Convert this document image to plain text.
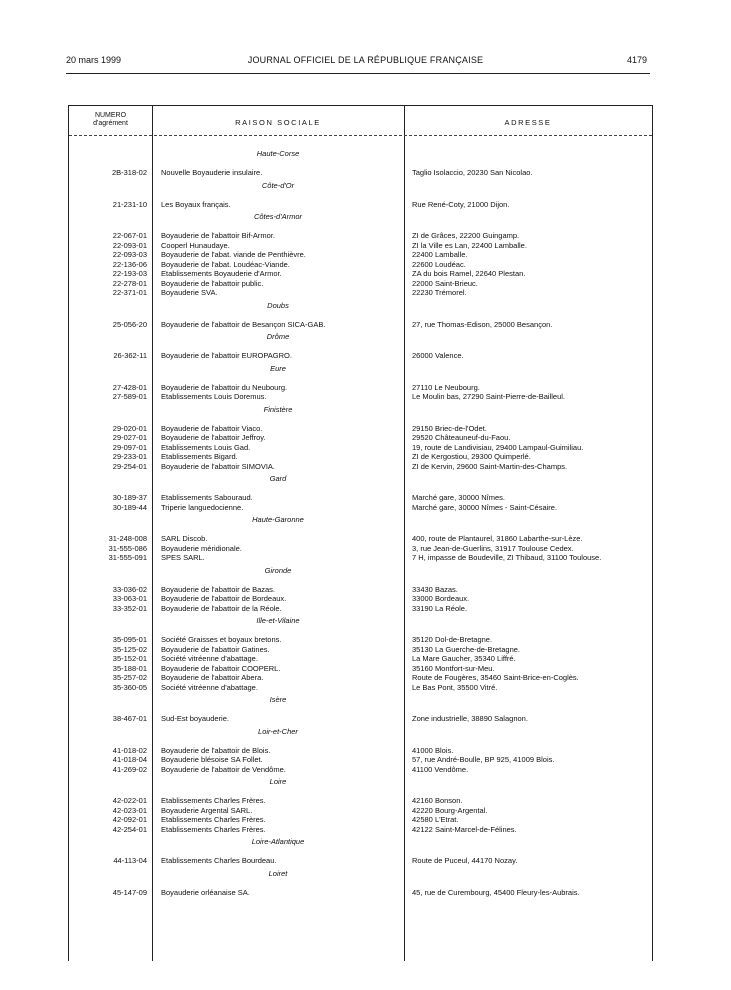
20 mars 1999	JOURNAL OFFICIEL DE LA RÉPUBLIQUE FRANÇAISE	4179
NUMERO
d'agrément	RAISON SOCIALE	ADRESSE
Haute-Corse
2B-318-02 Nouvelle Boyauderie insulaire.	Taglio Isolaccio, 20230 San Nicolao.
Côte-d'Or
21-231-10 Les Boyaux français.	Rue René-Coty, 21000 Dijon.
Côtes-d'Armor
22-067-01 Boyauderie de l'abattoir Bif-Armor.	ZI de Grâces, 22200 Guingamp.
22-093-01 Cooperl Hunaudaye.	ZI la Ville es Lan, 22400 Lamballe.
22-093-03 Boyauderie de l'abat. viande de Penthièvre.	22400 Lamballe.
22-136-06 Boyauderie de l'abat. Loudéac-Viande.	22600 Loudéac.
22-193-03 Etablissements Boyauderie d'Armor.	ZA du bois Ramel, 22640 Plestan.
22-278-01 Boyauderie de l'abattoir public.	22000 Saint-Brieuc.
22-371-01 Boyauderie SVA.	22230 Trémorel.
Doubs
25-056-20 Boyauderie de l'abattoir de Besançon SICA-GAB.	27, rue Thomas-Edison, 25000 Besançon.
Drôme
26-362-11 Boyauderie de l'abattoir EUROPAGRO.	26000 Valence.
Eure
27-428-01 Boyauderie de l'abattoir du Neubourg.	27110 Le Neubourg.
27-589-01 Etablissements Louis Doremus.	Le Moulin bas, 27290 Saint-Pierre-de-Bailleul.
Finistère
29-020-01 Boyauderie de l'abattoir Viaco.	29150 Briec-de-l'Odet.
29-027-01 Boyauderie de l'abattoir Jeffroy.	29520 Châteauneuf-du-Faou.
29-097-01 Etablissements Louis Gad.	19, route de Landivisiau, 29400 Lampaul-Guimiliau.
29-233-01 Etablissements Bigard.	ZI de Kergostiou, 29300 Quimperlé.
29-254-01 Boyauderie de l'abattoir SIMOVIA.	ZI de Kervin, 29600 Saint-Martin-des-Champs.
Gard
30-189-37 Etablissements Sabouraud.	Marché gare, 30000 Nîmes.
30-189-44 Triperie languedocienne.	Marché gare, 30000 Nîmes - Saint-Césaire.
Haute-Garonne
31-248-008 SARL Discob.	400, route de Plantaurel, 31860 Labarthe-sur-Lèze.
31-555-086 Boyauderie méridionale.	3, rue Jean-de-Guerlins, 31917 Toulouse Cedex.
31-555-091 SPES SARL.	7 H, impasse de Boudeville, ZI Thibaud, 31100 Toulouse.
Gironde
33-036-02 Boyauderie de l'abattoir de Bazas.	33430 Bazas.
33-063-01 Boyauderie de l'abattoir de Bordeaux.	33000 Bordeaux.
33-352-01 Boyauderie de l'abattoir de la Réole.	33190 La Réole.
Ille-et-Vilaine
35-095-01 Société Graisses et boyaux bretons.	35120 Dol-de-Bretagne.
35-125-02 Boyauderie de l'abattoir Gatines.	35130 La Guerche-de-Bretagne.
35-152-01 Société vitréenne d'abattage.	La Mare Gaucher, 35340 Liffré.
35-188-01 Boyauderie de l'abattoir COOPERL.	35160 Montfort-sur-Meu.
35-257-02 Boyauderie de l'abattoir Abera.	Route de Fougères, 35460 Saint-Brice-en-Coglès.
35-360-05 Société vitréenne d'abattage.	Le Bas Pont, 35500 Vitré.
Isère
38-467-01 Sud-Est boyauderie.	Zone industrielle, 38890 Salagnon.
Loir-et-Cher
41-018-02 Boyauderie de l'abattoir de Blois.	41000 Blois.
41-018-04 Boyauderie blésoise SA Follet.	57, rue André-Boulle, BP 925, 41009 Blois.
41-269-02 Boyauderie de l'abattoir de Vendôme.	41100 Vendôme.
Loire
42-022-01 Etablissements Charles Frères.	42160 Bonson.
42-023-01 Boyauderie Argental SARL.	42220 Bourg-Argental.
42-092-01 Etablissements Charles Frères.	42580 L'Etrat.
42-254-01 Etablissements Charles Frères.	42122 Saint-Marcel-de-Félines.
Loire-Atlantique
44-113-04 Etablissements Charles Bourdeau.	Route de Puceul, 44170 Nozay.
Loiret
45-147-09 Boyauderie orléanaise SA.	45, rue de Curembourg, 45400 Fleury-les-Aubrais.
